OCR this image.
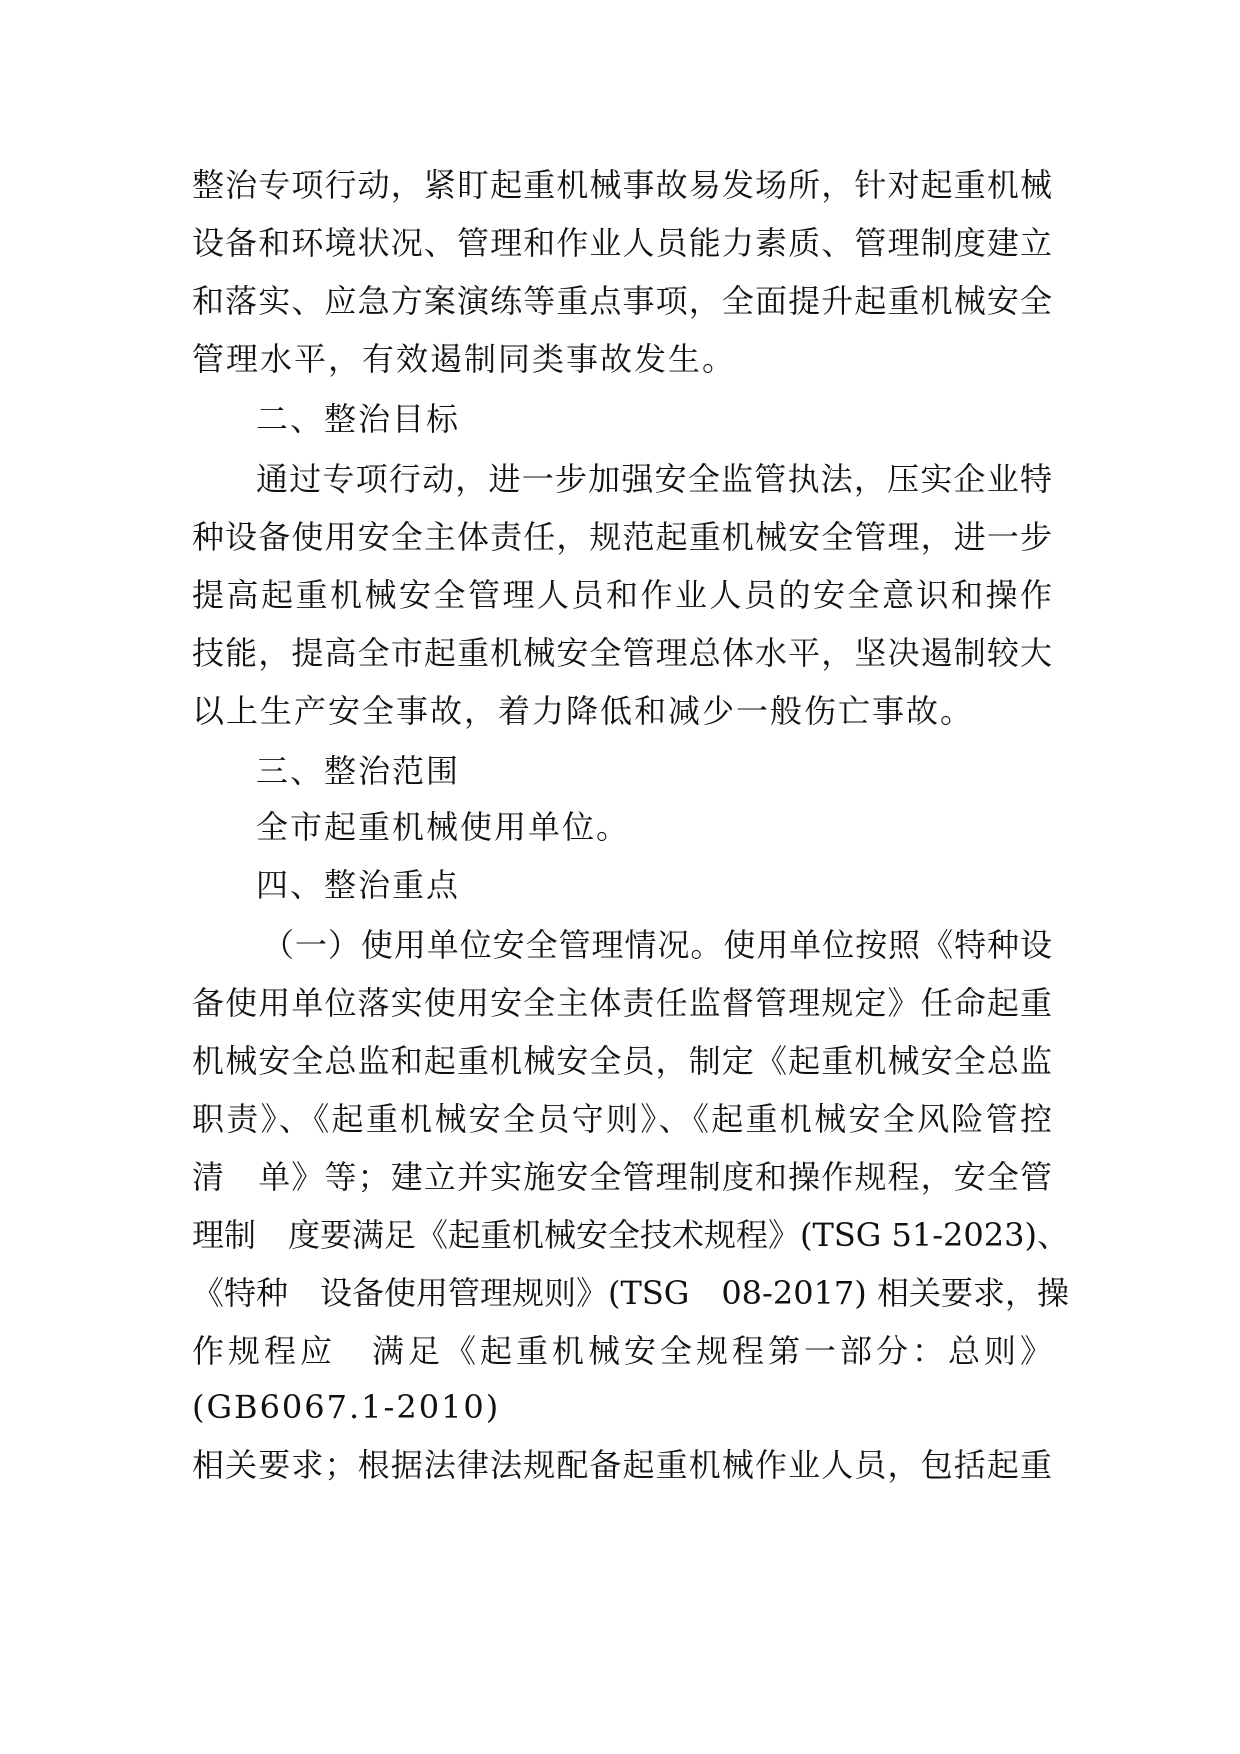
整治专项行动，紧盯起重机械事故易发场所，针对起重机械
设备和环境状况、管理和作业人员能力素质、管理制度建立
和落实、应急方案演练等重点事项，全面提升起重机械安全
管理水平，有效遏制同类事故发生。
二、整治目标
通过专项行动，进一步加强安全监管执法，压实企业特
种设备使用安全主体责任，规范起重机械安全管理，进一步
提高起重机械安全管理人员和作业人员的安全意识和操作
技能，提高全市起重机械安全管理总体水平，坚决遏制较大
以上生产安全事故，着力降低和减少一般伤亡事故。
三、整治范围
全市起重机械使用单位。
四、整治重点
（一）使用单位安全管理情况。使用单位按照《特种设
备使用单位落实使用安全主体责任监督管理规定》任命起重
机械安全总监和起重机械安全员，制定《起重机械安全总监
职责》、《起重机械安全员守则》、《起重机械安全风险管控
清　单》等；建立并实施安全管理制度和操作规程，安全管
理制　度要满足《起重机械安全技术规程》(TSG 51-2023)、
《特种　设备使用管理规则》(TSG　08-2017) 相关要求，操
作规程应　满足《起重机械安全规程第一部分：总则》
(GB6067.1-2010)
相关要求；根据法律法规配备起重机械作业人员，包括起重
